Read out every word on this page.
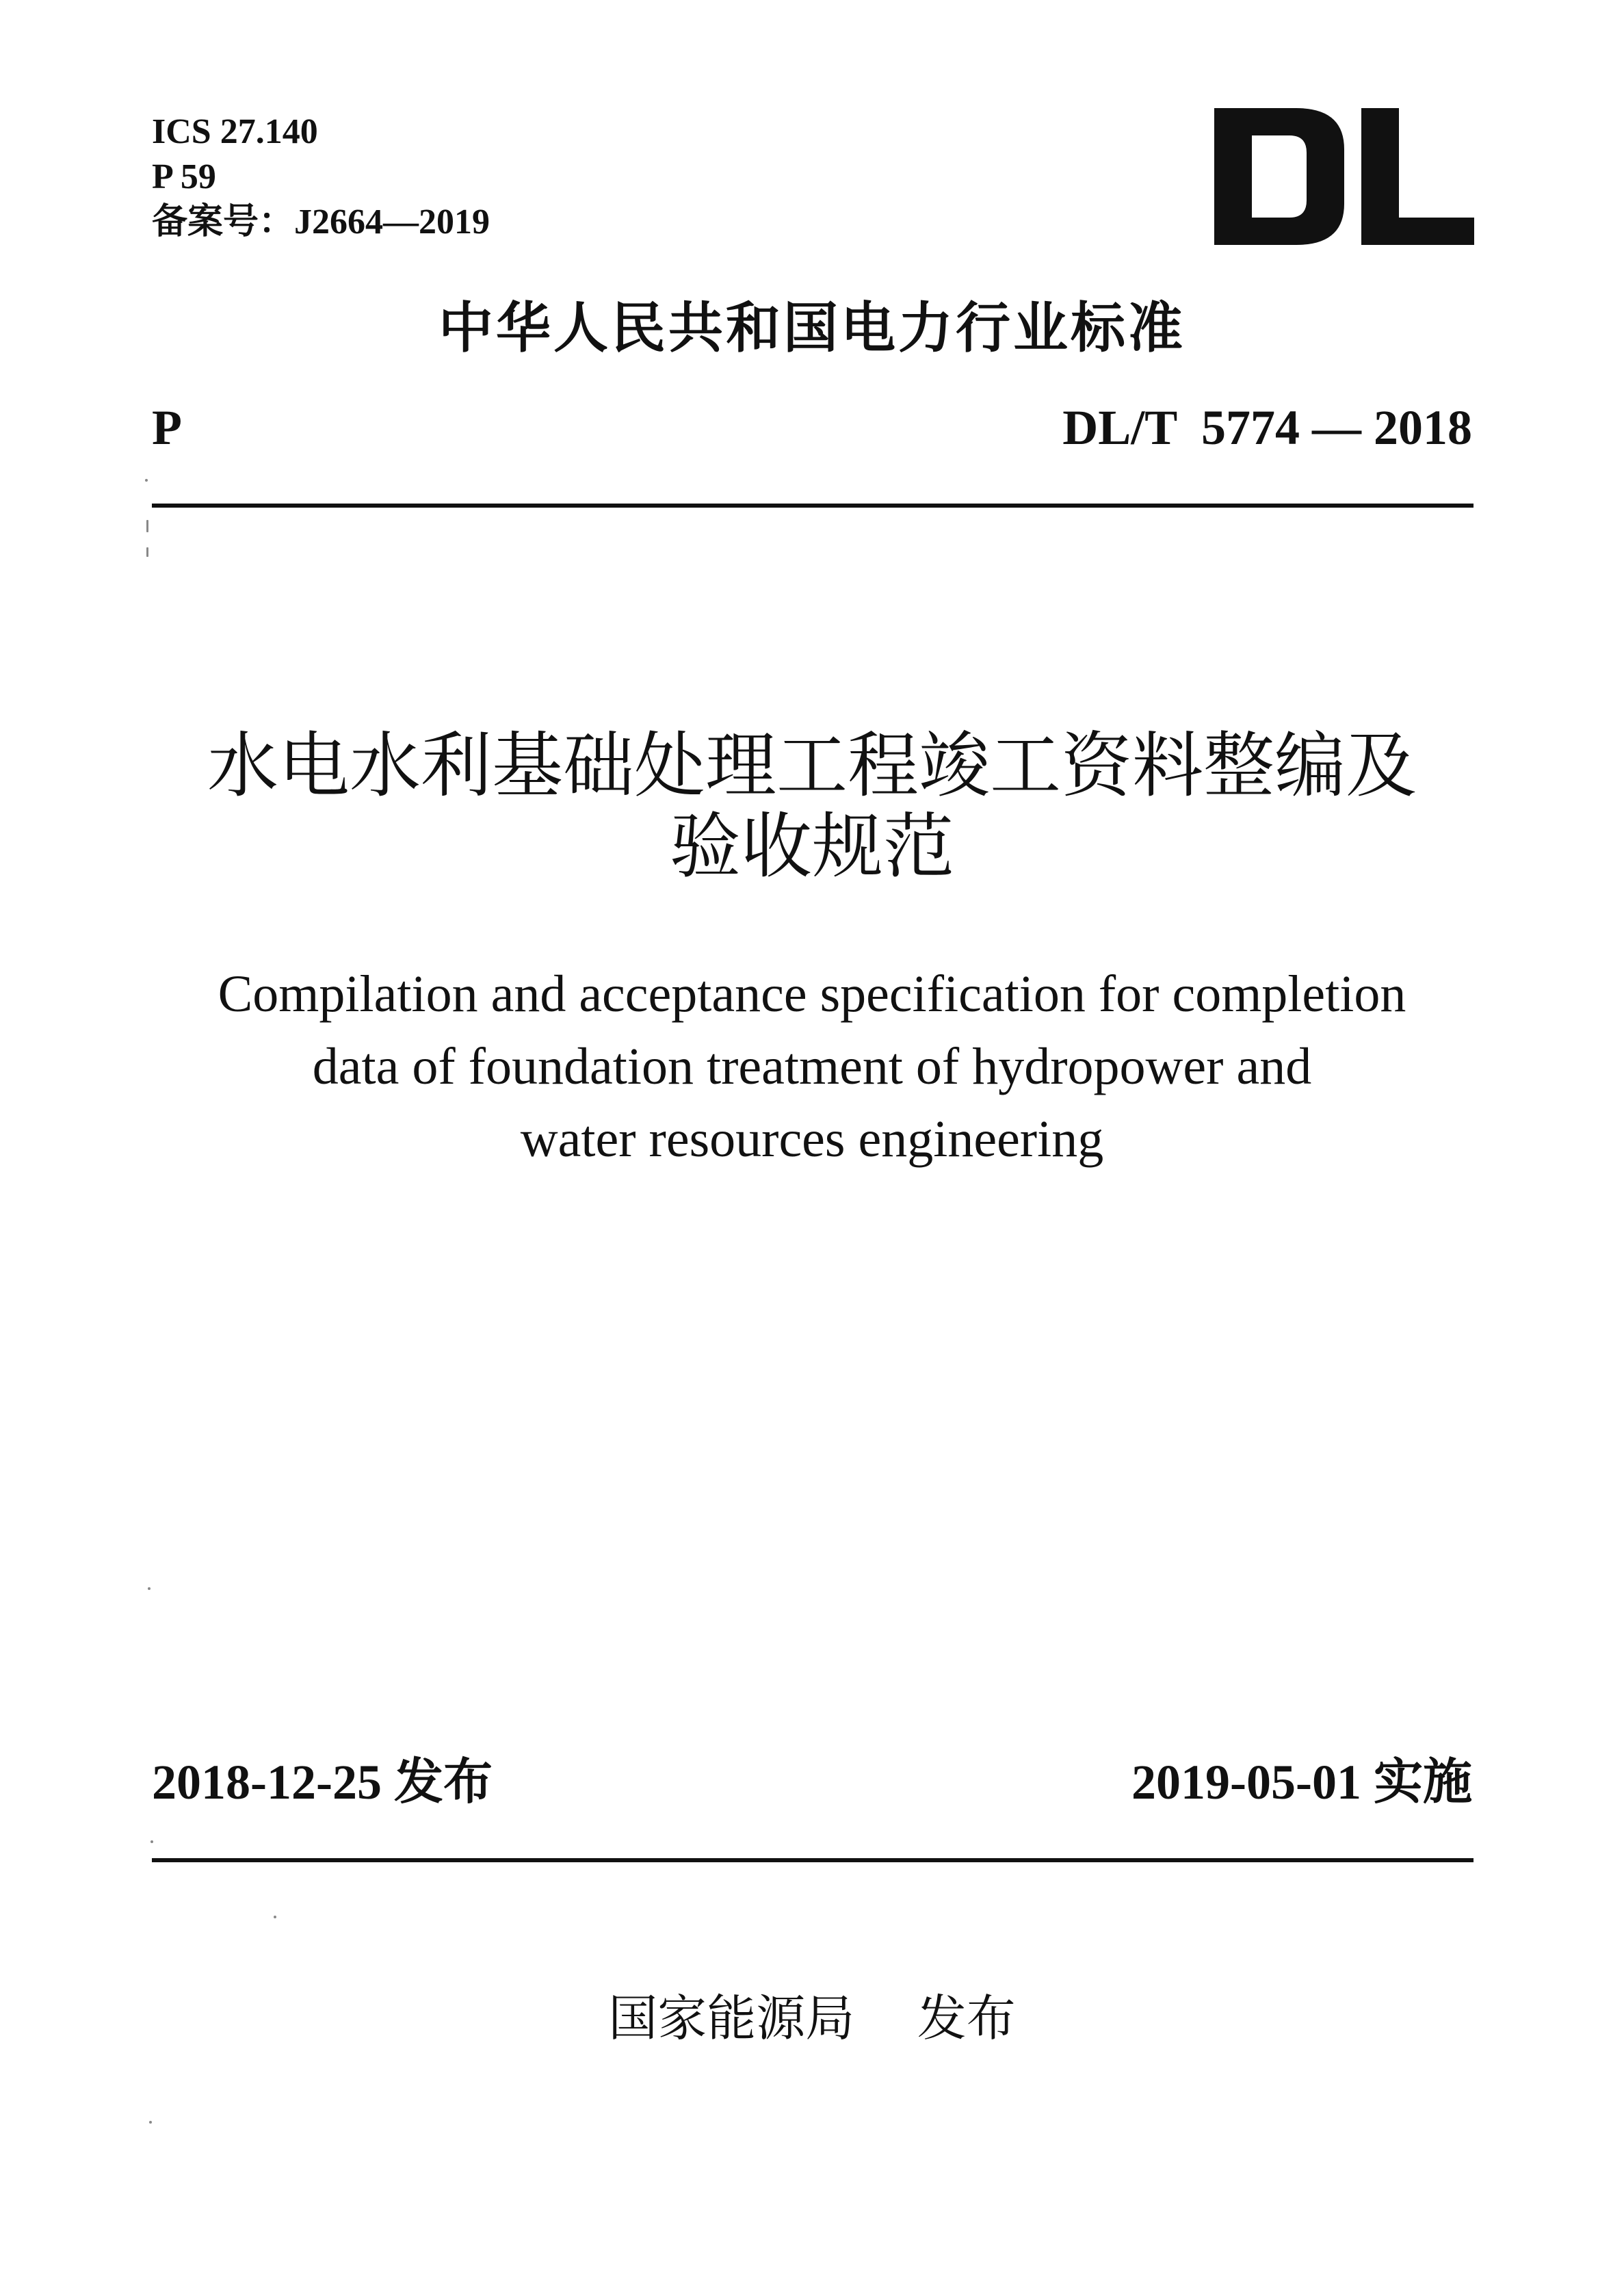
ICS 27.140
P 59
备案号：J2664—2019
中华人民共和国电力行业标准
P	DL/T  5774 — 2018
水电水利基础处理工程竣工资料整编及
验收规范
Compilation and acceptance specification for completion
data of foundation treatment of hydropower and
water resources engineering
2018-12-25 发布	2019-05-01 实施
国家能源局    发布
